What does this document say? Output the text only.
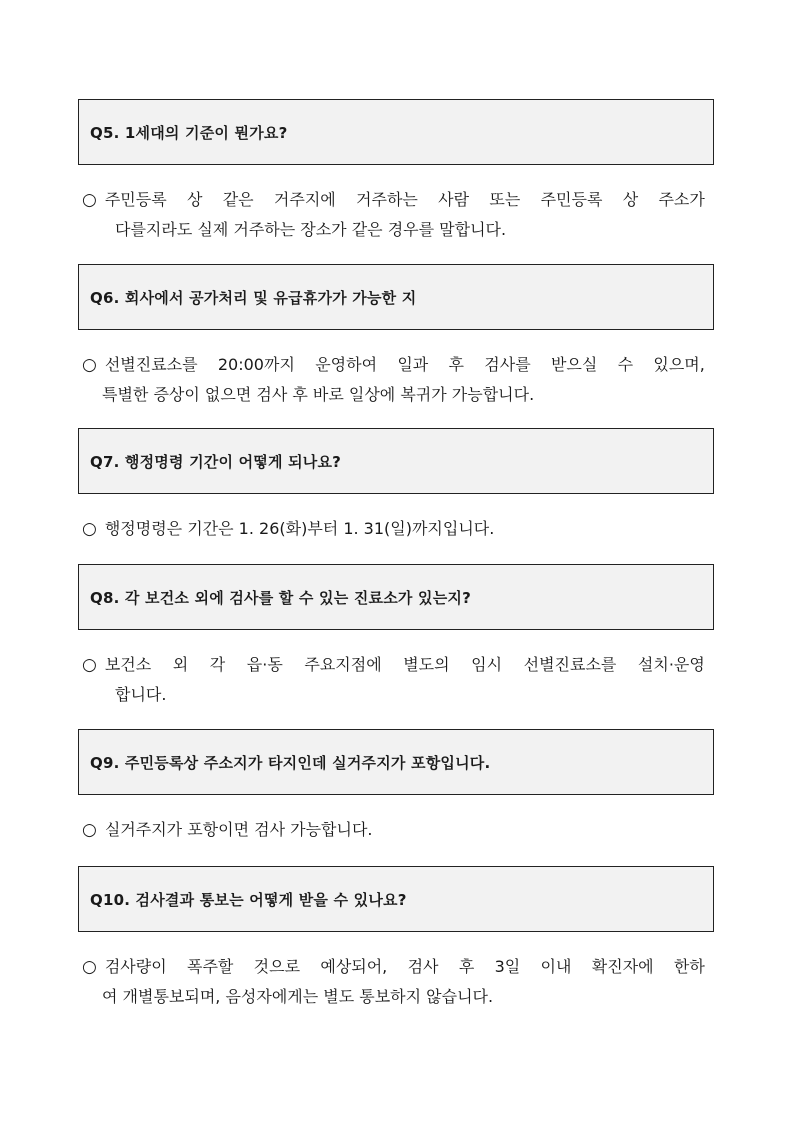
Q5. 1세대의 기준이 뭔가요?
○ 주민등록 상 같은 거주지에 거주하는 사람 또는 주민등록 상 주소가
다를지라도 실제 거주하는 장소가 같은 경우를 말합니다.
Q6. 회사에서 공가처리 및 유급휴가가 가능한 지
○ 선별진료소를 20:00까지 운영하여 일과 후 검사를 받으실 수 있으며,
특별한 증상이 없으면 검사 후 바로 일상에 복귀가 가능합니다.
Q7. 행정명령 기간이 어떻게 되나요?
○ 행정명령은 기간은 1. 26(화)부터 1. 31(일)까지입니다.
Q8. 각 보건소 외에 검사를 할 수 있는 진료소가 있는지?
○ 보건소 외 각 읍·동 주요지점에 별도의 임시 선별진료소를 설치·운영
합니다.
Q9. 주민등록상 주소지가 타지인데 실거주지가 포항입니다.
○ 실거주지가 포항이면 검사 가능합니다.
Q10. 검사결과 통보는 어떻게 받을 수 있나요?
○ 검사량이 폭주할 것으로 예상되어, 검사 후 3일 이내 확진자에 한하
여 개별통보되며, 음성자에게는 별도 통보하지 않습니다.
